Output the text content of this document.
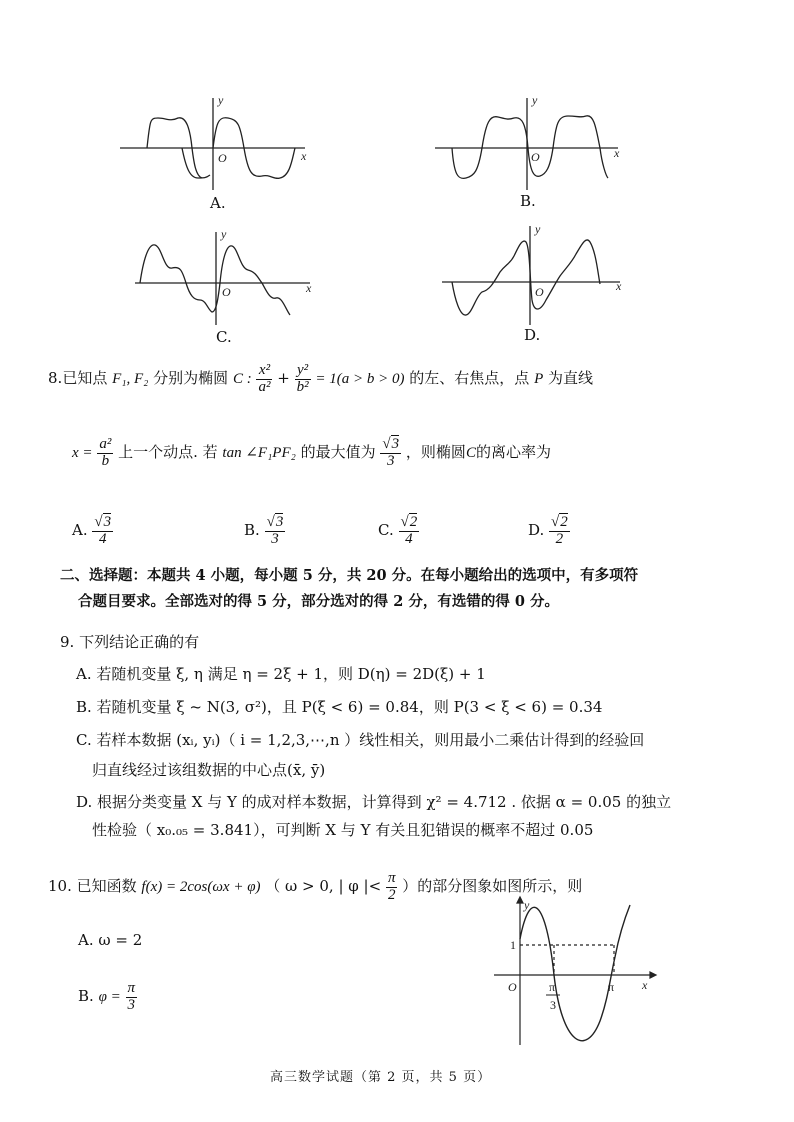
y
x
O
y
x
O
y
x
O
y
x
O
A.	B.
C.	D.
8.已知点 F₁, F₂ 分别为椭圆 C : $\frac{\text{x²}}{\text{a²}} + \frac{\text{y²}}{\text{b²}} = 1(a > b > 0)$ 的左、右焦点，点 P 为直线
$x = \frac{\text{a²}}{b}$ 上一个动点. 若 tan ∠F₁PF₂ 的最大值为 $\frac{√3}{3}$ ，则椭圆C的离心率为
A. $\frac{√3}{4}$	B. $\frac{√3}{3}$	C. $\frac{√2}{4}$	D. $\frac{√2}{2}$
二、选择题：本题共 4 小题，每小题 5 分，共 20 分。在每小题给出的选项中，有多项符
合题目要求。全部选对的得 5 分，部分选对的得 2 分，有选错的得 0 分。
9. 下列结论正确的有
A. 若随机变量 ξ, η 满足 η = 2ξ + 1，则 D(η) = 2D(ξ) + 1
B. 若随机变量 ξ ~ N(3, σ²)，且 P(ξ < 6) = 0.84，则 P(3 < ξ < 6) = 0.34
C. 若样本数据 (xᵢ, yᵢ)（ i = 1,2,3,⋯,n ）线性相关，则用最小二乘估计得到的经验回
归直线经过该组数据的中心点(x̄, ȳ)
D. 根据分类变量 X 与 Y 的成对样本数据，计算得到 χ² = 4.712 . 依据 α = 0.05 的独立
性检验（ x₀.₀₅ = 3.841），可判断 X 与 Y 有关且犯错误的概率不超过 0.05
10. 已知函数 f(x) = 2cos(ωx + φ) （ ω > 0, | φ |< $\frac{\pi}{2}$ ）的部分图象如图所示，则
A. ω = 2
B. $\varphi = \frac{\pi}{3}$
y
1
O	π
3
π x
高三数学试题（第 2 页，共 5 页）
